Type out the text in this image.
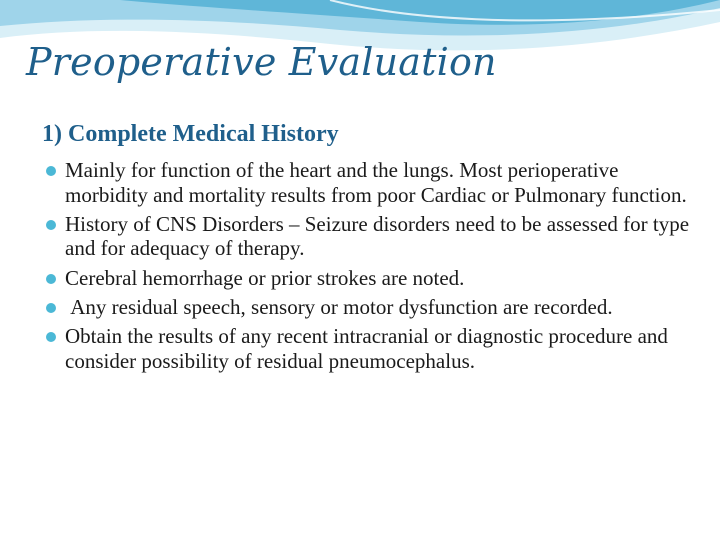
Preoperative Evaluation
1) Complete Medical History
Mainly for function of the heart and the lungs. Most perioperative morbidity and mortality results from poor Cardiac or Pulmonary function.
History of CNS Disorders – Seizure disorders need to be assessed for type and for adequacy of therapy.
Cerebral hemorrhage or prior strokes are noted.
Any residual speech, sensory or motor dysfunction are recorded.
Obtain the results of any recent intracranial or diagnostic procedure and consider possibility of residual pneumocephalus.
